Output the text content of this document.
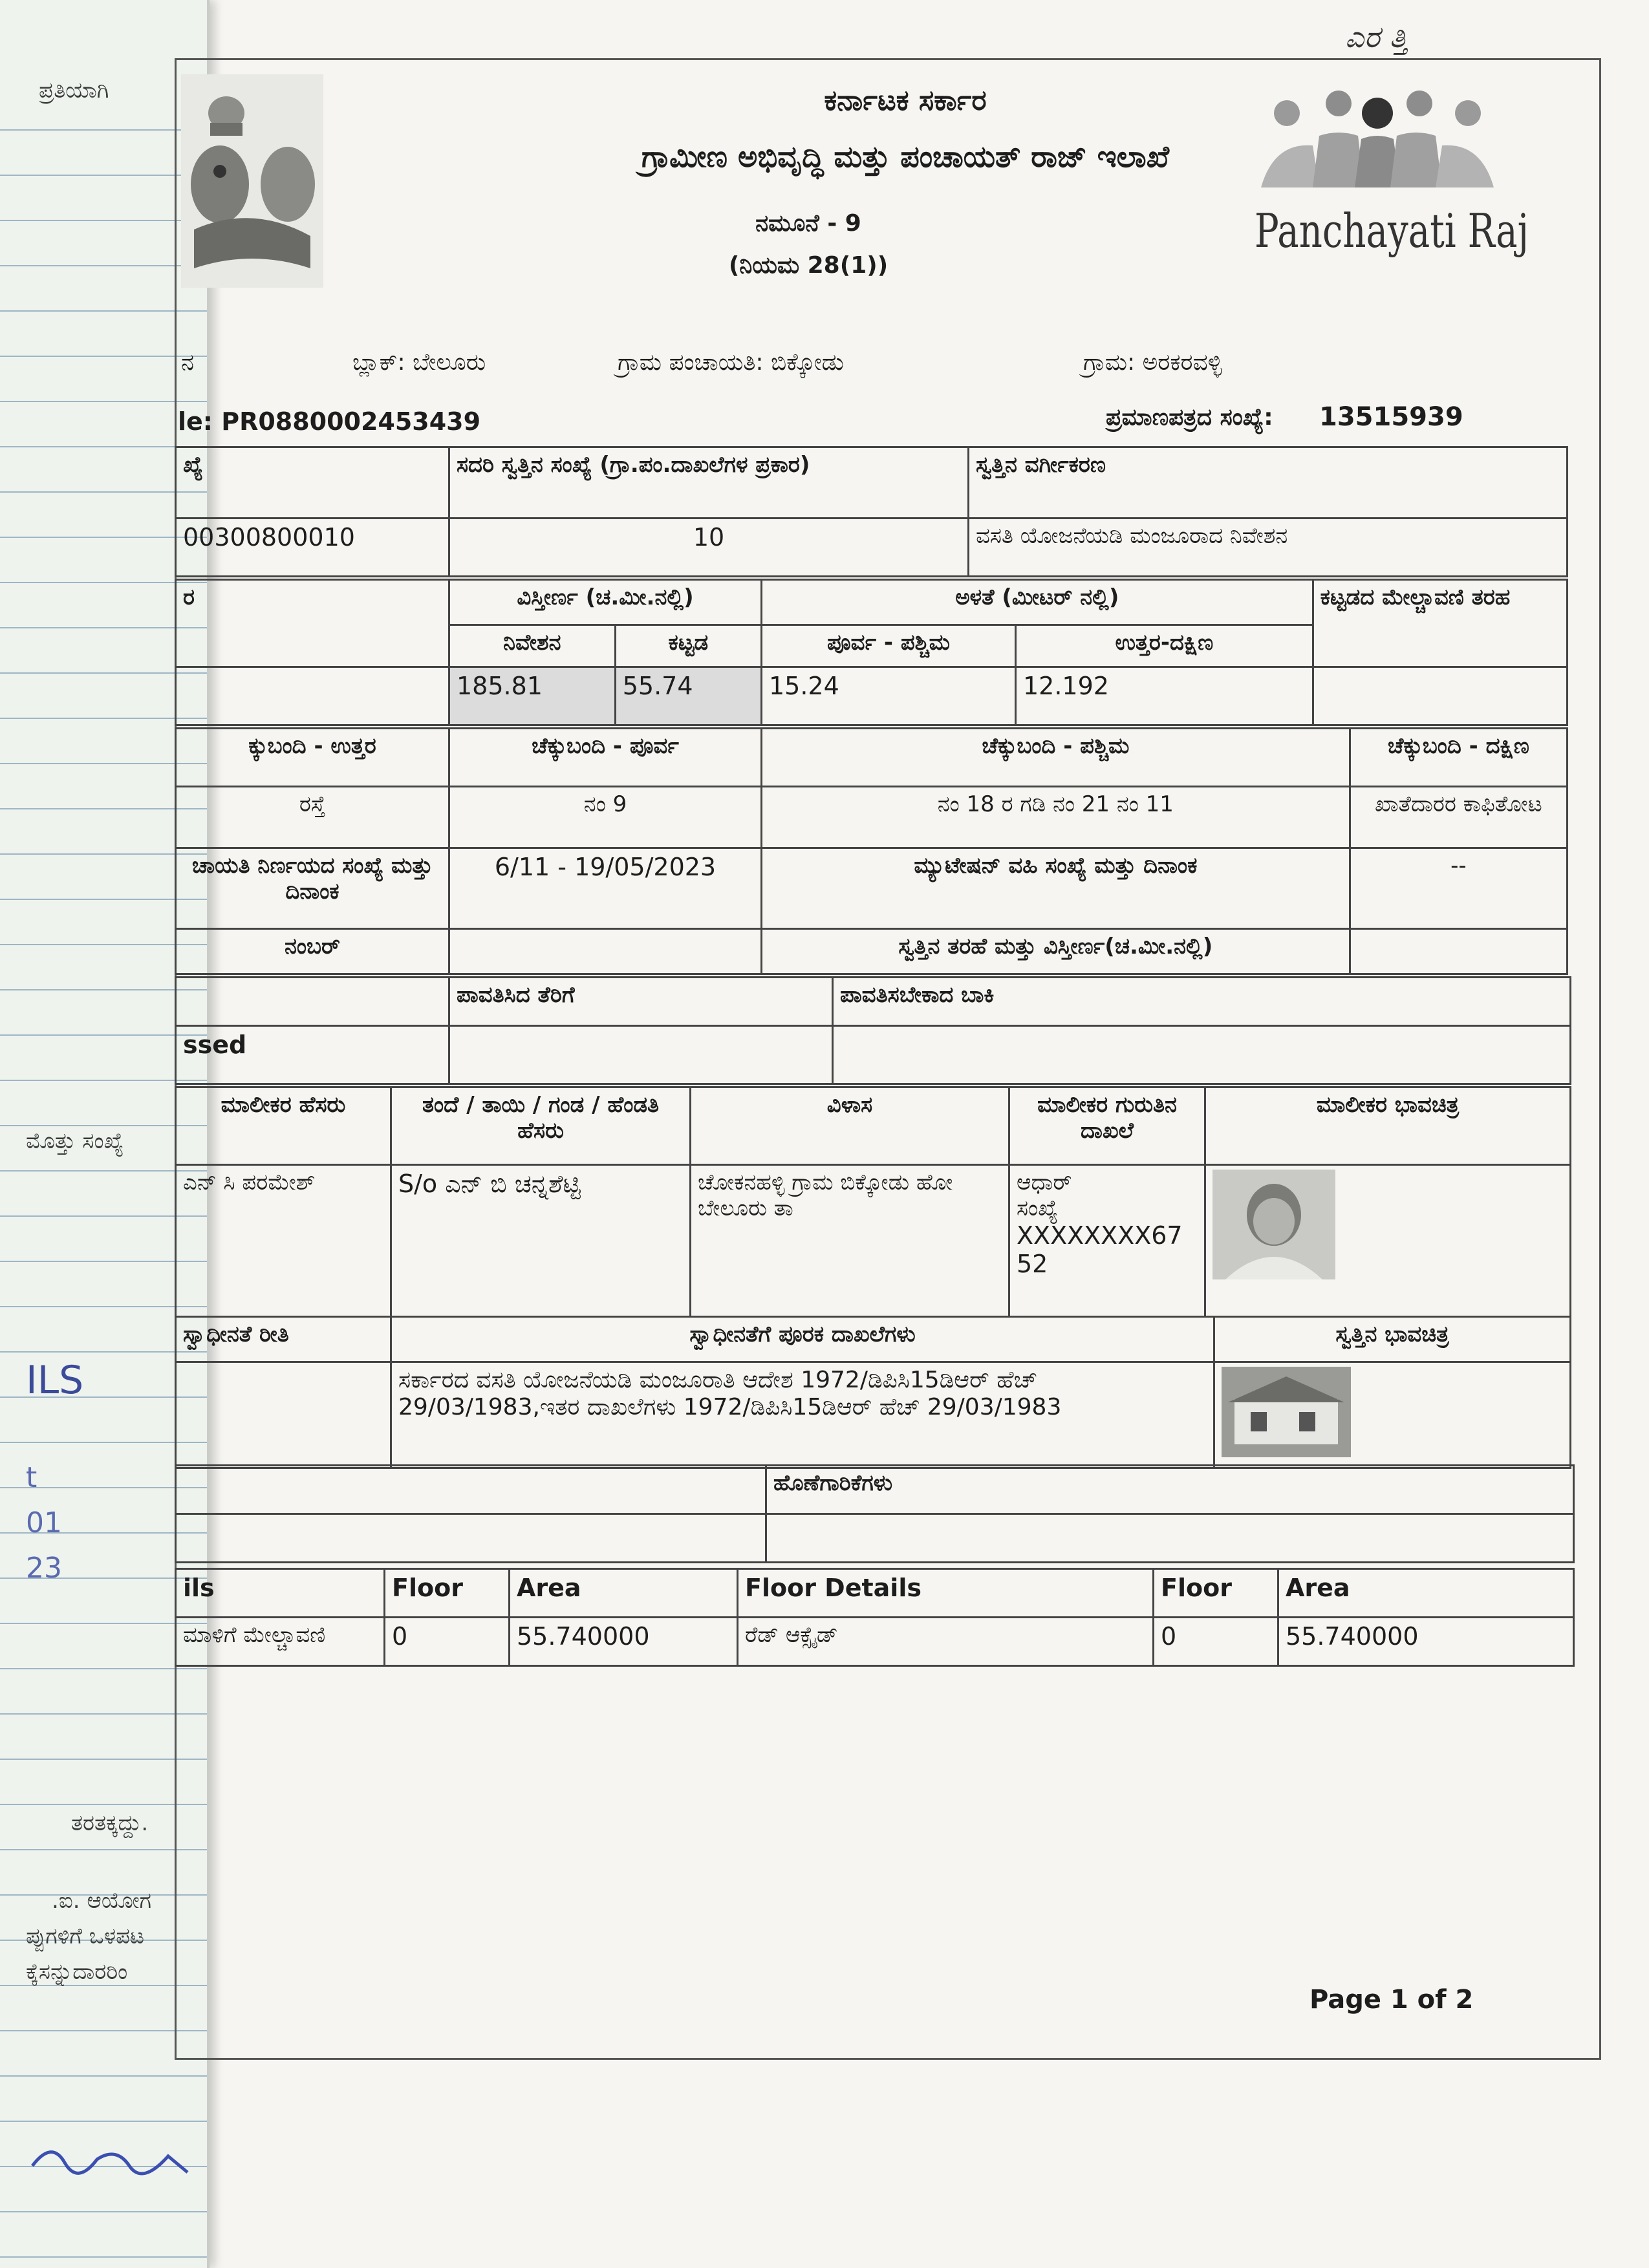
ಪ್ರತಿಯಾಗಿ
ಮೊತ್ತು ಸಂಖ್ಯೆ
ILS
t
01
23
ತರತಕ್ಕದ್ದು.
.ಐ. ಆಯೋಗ
ಪ್ಪುಗಳಿಗೆ ಒಳಪಟ
ಕ್ಕೆಸನ್ನುದಾರರಿಂ
ಎರ ತ್ತಿ
ಕರ್ನಾಟಕ ಸರ್ಕಾರ
ಗ್ರಾಮೀಣ ಅಭಿವೃದ್ಧಿ ಮತ್ತು ಪಂಚಾಯತ್ ರಾಜ್ ಇಲಾಖೆ
ನಮೂನೆ - 9
(ನಿಯಮ 28(1))
Panchayati Raj
ನ	ಬ್ಲಾಕ್: ಬೇಲೂರು	ಗ್ರಾಮ ಪಂಚಾಯತಿ: ಬಿಕ್ಕೋಡು	ಗ್ರಾಮ: ಅರಕರವಳ್ಳಿ
le: PR0880002453439	ಪ್ರಮಾಣಪತ್ರದ ಸಂಖ್ಯೆ: 13515939
ಖ್ಯೆ	ಸದರಿ ಸ್ವತ್ತಿನ ಸಂಖ್ಯೆ (ಗ್ರಾ.ಪಂ.ದಾಖಲೆಗಳ ಪ್ರಕಾರ)	ಸ್ವತ್ತಿನ ವರ್ಗೀಕರಣ
00300800010	10	ವಸತಿ ಯೋಜನೆಯಡಿ ಮಂಜೂರಾದ ನಿವೇಶನ
ರ	ವಿಸ್ತೀರ್ಣ (ಚ.ಮೀ.ನಲ್ಲಿ)		ಅಳತೆ (ಮೀಟರ್ ನಲ್ಲಿ)		ಕಟ್ಟಡದ ಮೇಲ್ಚಾವಣಿ ತರಹ
	ನಿವೇಶನ	ಕಟ್ಟಡ	ಪೂರ್ವ - ಪಶ್ಚಿಮ	ಉತ್ತರ-ದಕ್ಷಿಣ	
	185.81	55.74	15.24	12.192	
ಕ್ಕುಬಂದಿ - ಉತ್ತರ	ಚೆಕ್ಕುಬಂದಿ - ಪೂರ್ವ	ಚೆಕ್ಕುಬಂದಿ - ಪಶ್ಚಿಮ	ಚೆಕ್ಕುಬಂದಿ - ದಕ್ಷಿಣ
ರಸ್ತೆ	ನಂ 9	ನಂ 18 ರ ಗಡಿ ನಂ 21 ನಂ 11	ಖಾತೆದಾರರ ಕಾಫಿತೋಟ
ಚಾಯತಿ ನಿರ್ಣಯದ ಸಂಖ್ಯೆ ಮತ್ತು ದಿನಾಂಕ	6/11 - 19/05/2023	ಮ್ಯುಟೇಷನ್ ವಹಿ ಸಂಖ್ಯೆ ಮತ್ತು ದಿನಾಂಕ	--
ನಂಬರ್		ಸ್ವತ್ತಿನ ತರಹೆ ಮತ್ತು ವಿಸ್ತೀರ್ಣ(ಚ.ಮೀ.ನಲ್ಲಿ)	
	ಪಾವತಿಸಿದ ತೆರಿಗೆ	ಪಾವತಿಸಬೇಕಾದ ಬಾಕಿ
ssed		
ಮಾಲೀಕರ ಹೆಸರು	ತಂದೆ / ತಾಯಿ / ಗಂಡ / ಹೆಂಡತಿ ಹೆಸರು	ವಿಳಾಸ	ಮಾಲೀಕರ ಗುರುತಿನ ದಾಖಲೆ	ಮಾಲೀಕರ ಭಾವಚಿತ್ರ
ಎನ್ ಸಿ ಪರಮೇಶ್	S/o ಎನ್ ಬಿ ಚನ್ನಶೆಟ್ಟಿ	ಚೋಕನಹಳ್ಳಿ ಗ್ರಾಮ ಬಿಕ್ಕೋಡು ಹೋ ಬೇಲೂರು ತಾ	ಆಧಾರ್
ಸಂಖ್ಯೆ
XXXXXXXX6752

ಸ್ವಾಧೀನತೆ ರೀತಿ	ಸ್ವಾಧೀನತೆಗೆ ಪೂರಕ ದಾಖಲೆಗಳು	ಸ್ವತ್ತಿನ ಭಾವಚಿತ್ರ
	ಸರ್ಕಾರದ ವಸತಿ ಯೋಜನೆಯಡಿ ಮಂಜೂರಾತಿ ಆದೇಶ 1972/ಡಿಪಿಸಿ15ಡಿಆರ್ ಹೆಚ್ 29/03/1983,ಇತರ ದಾಖಲೆಗಳು 1972/ಡಿಪಿಸಿ15ಡಿಆರ್ ಹೆಚ್ 29/03/1983	
	ಹೊಣೆಗಾರಿಕೆಗಳು

ils	Floor	Area	Floor Details	Floor	Area
ಮಾಳಿಗೆ ಮೇಲ್ಚಾವಣಿ	0	55.740000	ರೆಡ್ ಆಕ್ಸೈಡ್	0	55.740000
Page 1 of 2
